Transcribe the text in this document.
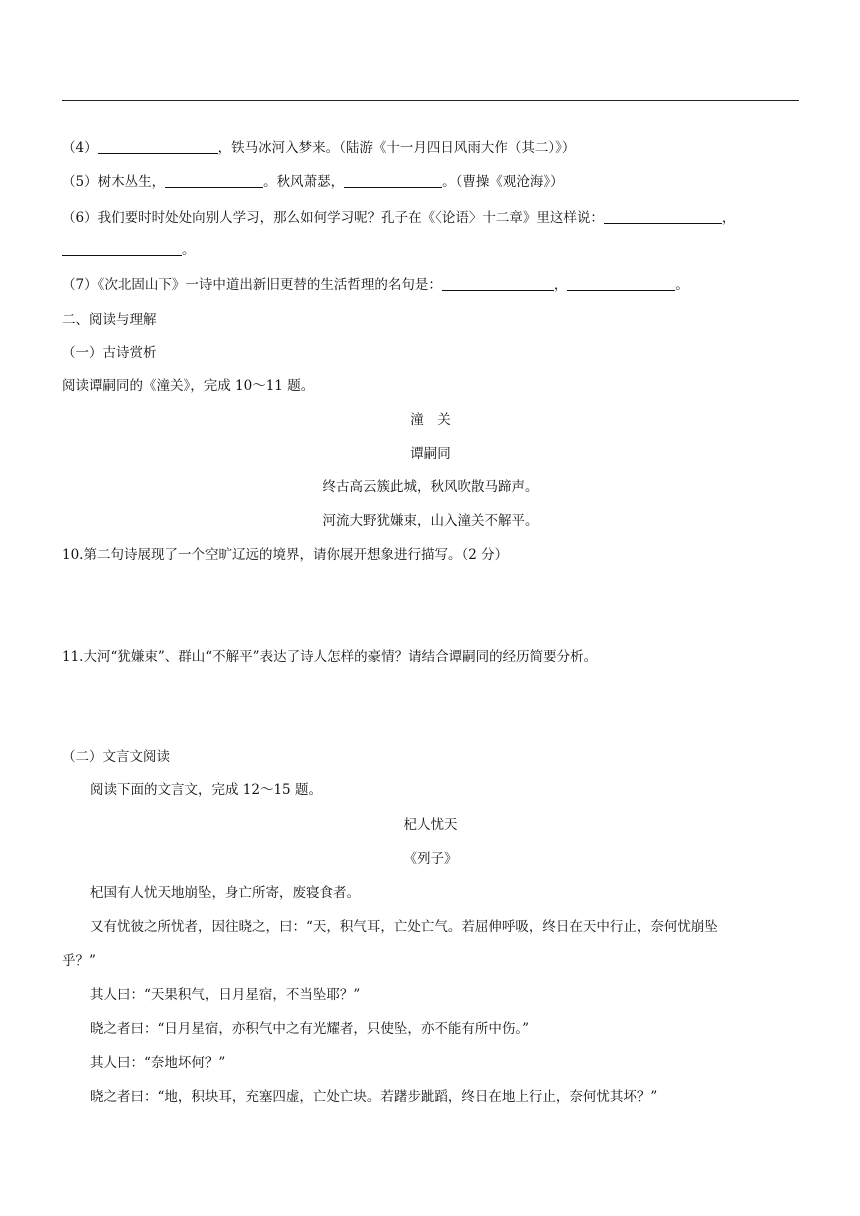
（4）	，铁马冰河入梦来。（陆游《十一月四日风雨大作（其二）》）
（5）树木丛生，	。秋风萧瑟，	。（曹操《观沧海》）
（6）我们要时时处处向别人学习，那么如何学习呢？孔子在《〈论语〉十二章》里这样说：	，
。
（7）《次北固山下》一诗中道出新旧更替的生活哲理的名句是：	，	。
二、阅读与理解
（一）古诗赏析
阅读谭嗣同的《潼关》，完成 10～11 题。
潼　关
谭嗣同
终古高云簇此城，秋风吹散马蹄声。
河流大野犹嫌束，山入潼关不解平。
10.第二句诗展现了一个空旷辽远的境界，请你展开想象进行描写。（2 分）
11.大河“犹嫌束”、群山“不解平”表达了诗人怎样的豪情？请结合谭嗣同的经历简要分析。
（二）文言文阅读
阅读下面的文言文，完成 12～15 题。
杞人忧天
《列子》
杞国有人忧天地崩坠，身亡所寄，废寝食者。
又有忧彼之所忧者，因往晓之，曰：“天，积气耳，亡处亡气。若屈伸呼吸，终日在天中行止，奈何忧崩坠
乎？”
其人曰：“天果积气，日月星宿，不当坠耶？”
晓之者曰：“日月星宿，亦积气中之有光耀者，只使坠，亦不能有所中伤。”
其人曰：“奈地坏何？”
晓之者曰：“地，积块耳，充塞四虚，亡处亡块。若躇步跐蹈，终日在地上行止，奈何忧其坏？”
